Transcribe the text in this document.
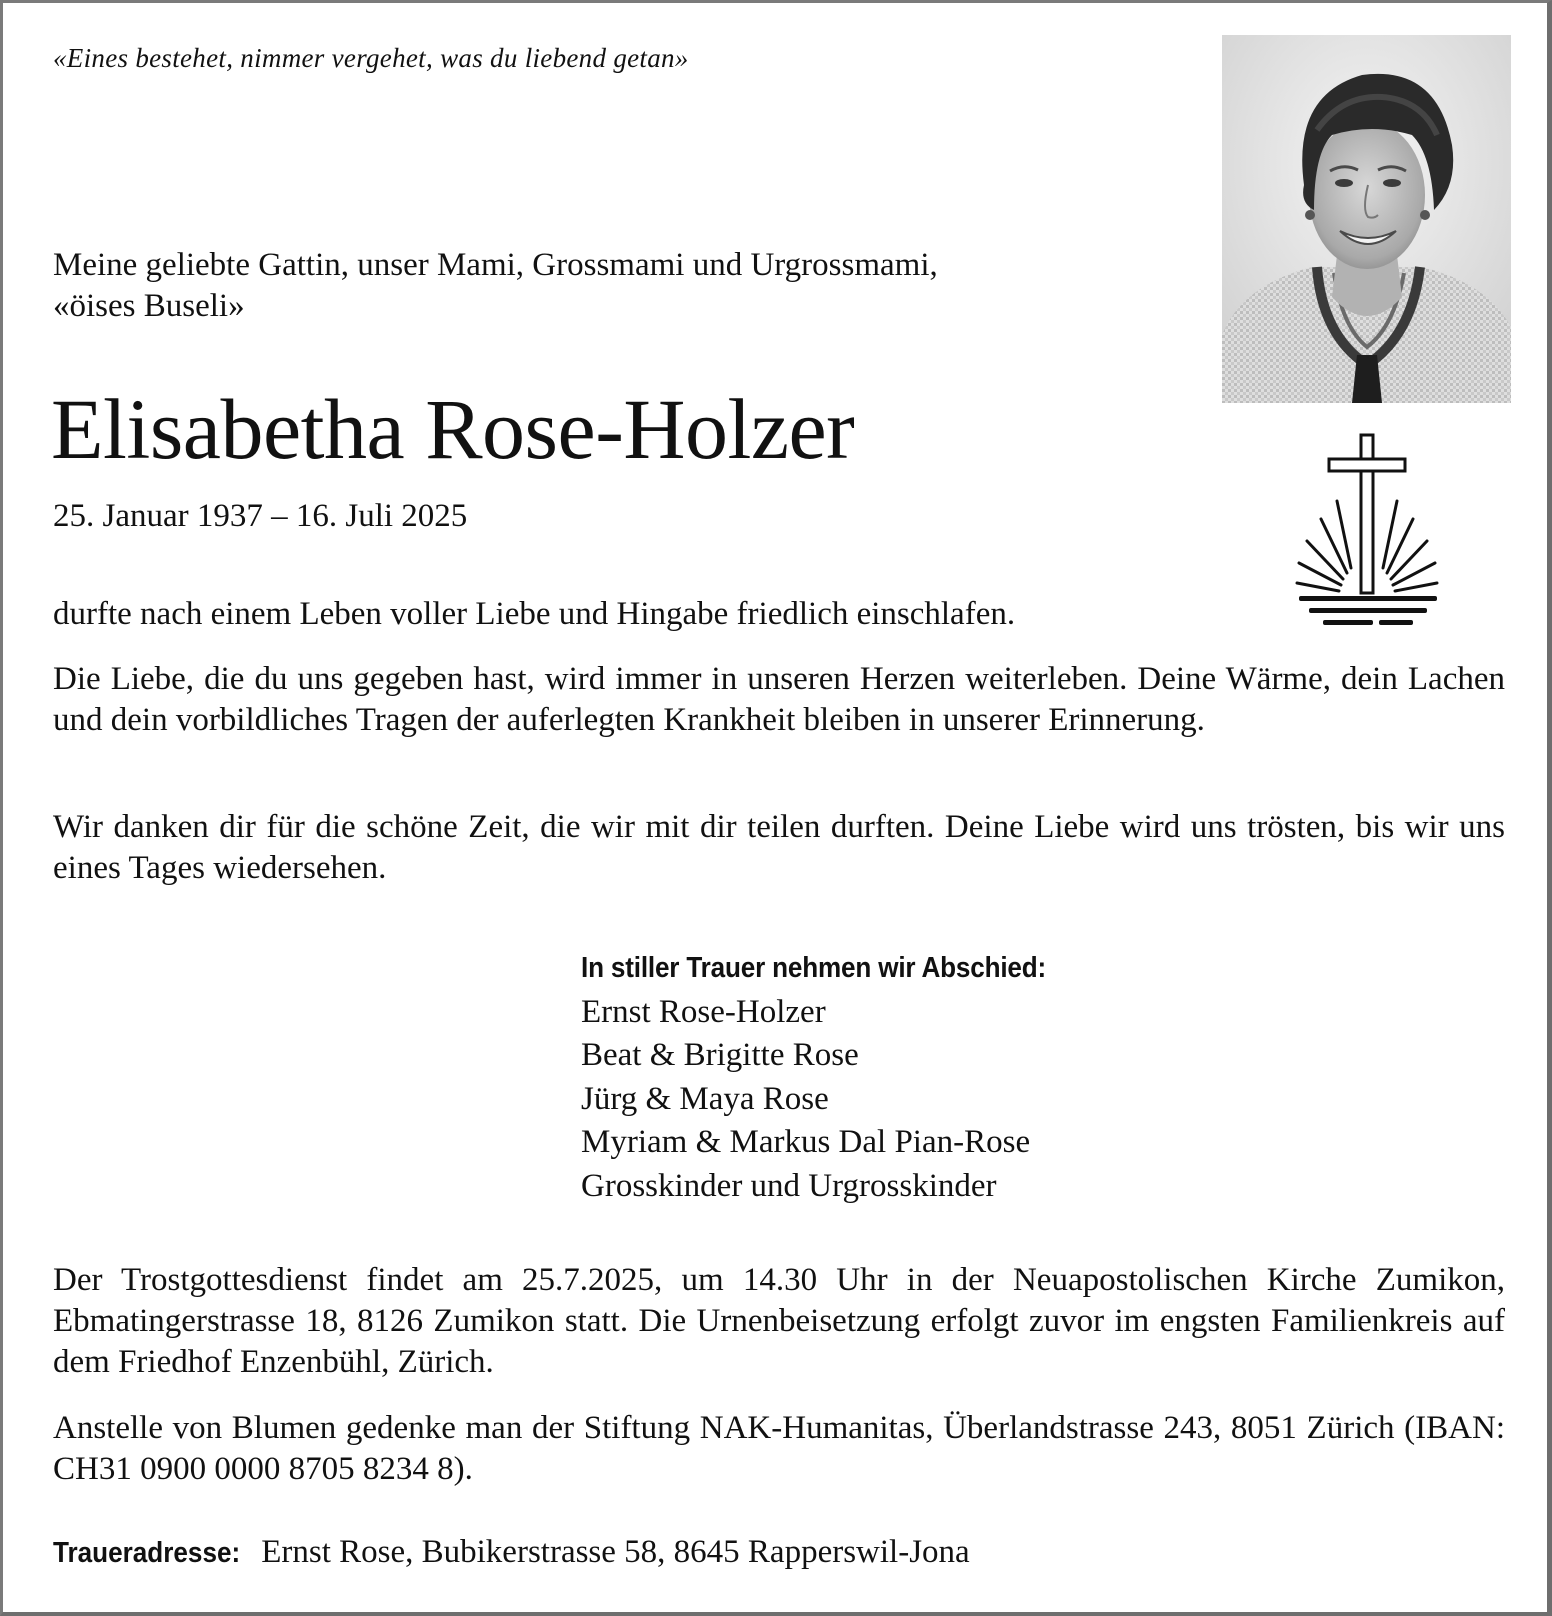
«Eines bestehet, nimmer vergehet, was du liebend getan»
Meine geliebte Gattin, unser Mami, Grossmami und Urgrossmami,
«öises Buseli»
Elisabetha Rose-Holzer
25. Januar 1937 – 16. Juli 2025
durfte nach einem Leben voller Liebe und Hingabe friedlich einschlafen.
Die Liebe, die du uns gegeben hast, wird immer in unseren Herzen weiterleben. Deine Wärme, dein Lachen und dein vorbildliches Tragen der auferlegten Krankheit bleiben in unserer Erinnerung.
Wir danken dir für die schöne Zeit, die wir mit dir teilen durften. Deine Liebe wird uns trösten, bis wir uns eines Tages wiedersehen.
In stiller Trauer nehmen wir Abschied:
Ernst Rose-Holzer
Beat & Brigitte Rose
Jürg & Maya Rose
Myriam & Markus Dal Pian-Rose
Grosskinder und Urgrosskinder
Der Trostgottesdienst findet am 25.7.2025, um 14.30 Uhr in der Neuapostolischen Kirche Zumikon, Ebmatingerstrasse 18, 8126 Zumikon statt. Die Urnenbeisetzung erfolgt zuvor im engsten Familienkreis auf dem Friedhof Enzenbühl, Zürich.
Anstelle von Blumen gedenke man der Stiftung NAK-Humanitas, Überlandstrasse 243, 8051 Zürich (IBAN: CH31 0900 0000 8705 8234 8).
Traueradresse: Ernst Rose, Bubikerstrasse 58, 8645 Rapperswil-Jona
